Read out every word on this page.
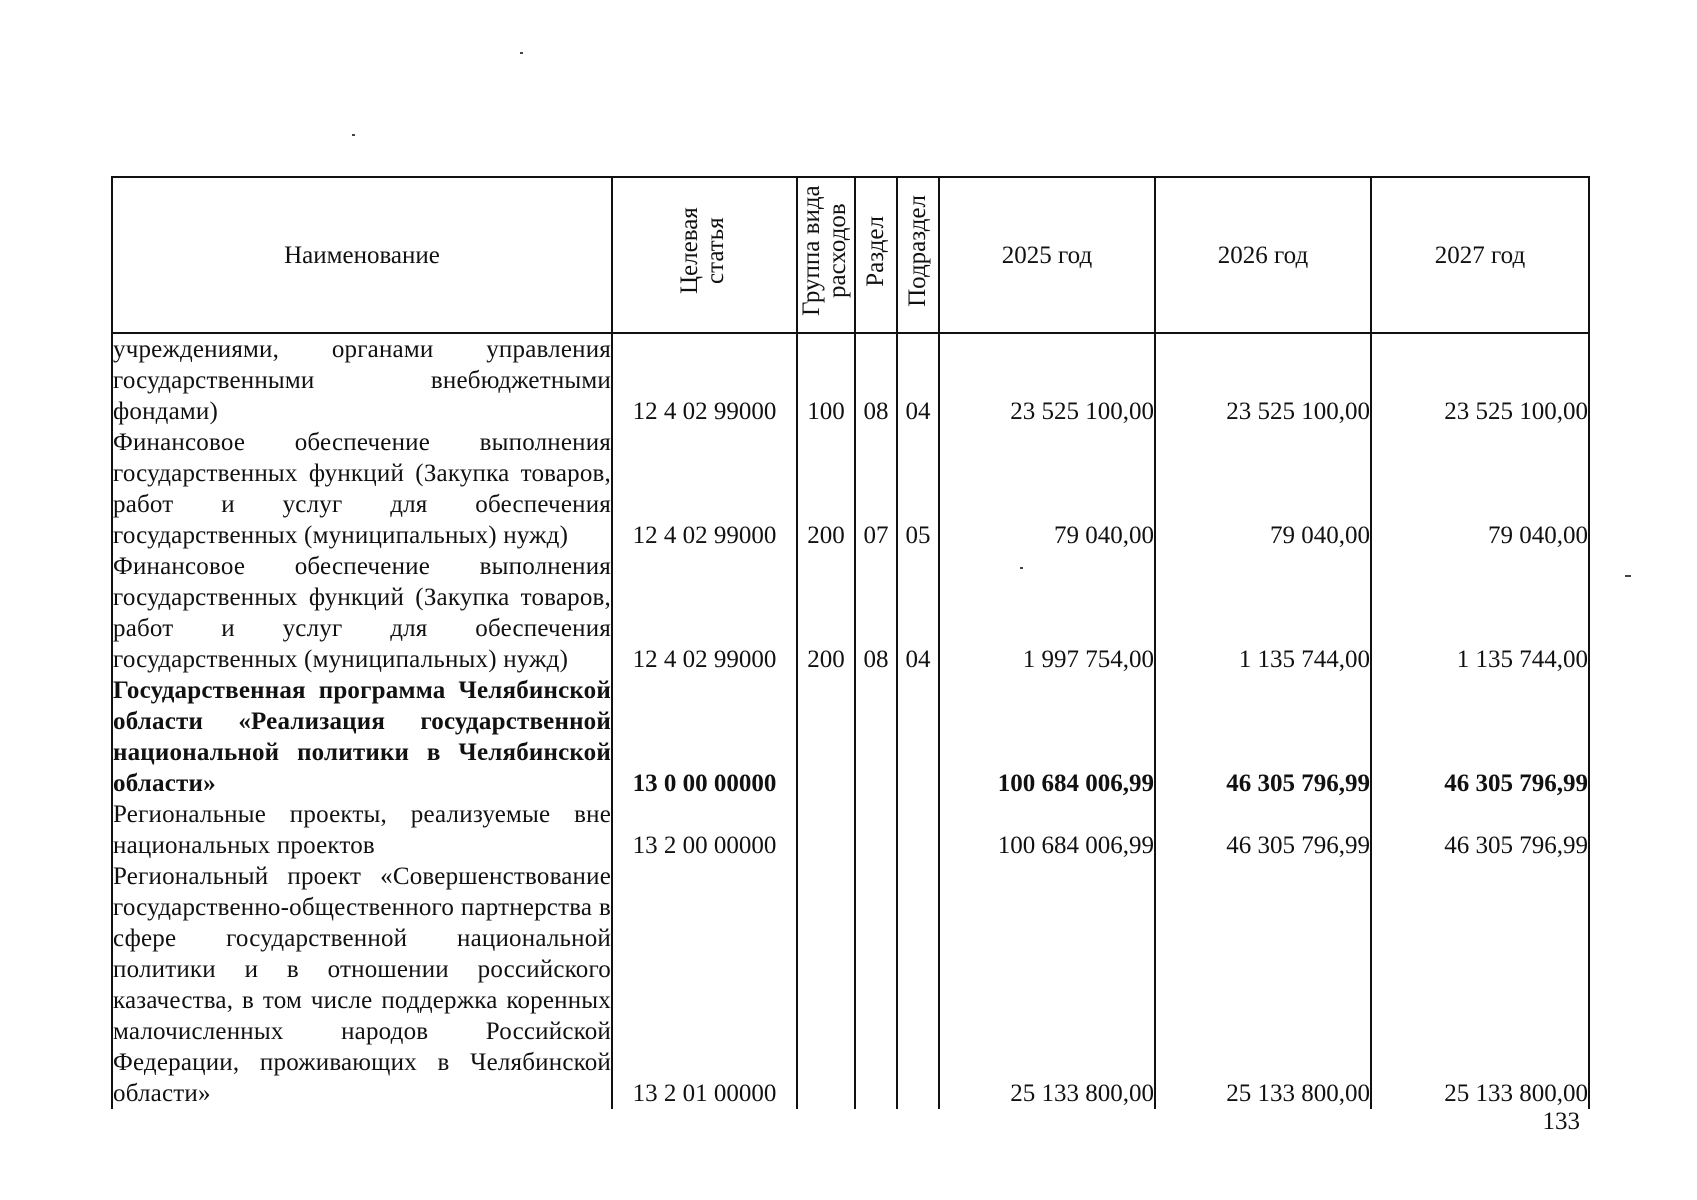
Наименование	Целевая статья	Группа вида расходов	Раздел	Подраздел	2025 год	2026 год	2027 год
учреждениями, органами управления государственными внебюджетными фондами)	12 4 02 99000	100	08	04	23 525 100,00	23 525 100,00	23 525 100,00
Финансовое обеспечение выполнения государственных функций (Закупка товаров, работ и услуг для обеспечения государственных (муниципальных) нужд)	12 4 02 99000	200	07	05	79 040,00	79 040,00	79 040,00
Финансовое обеспечение выполнения государственных функций (Закупка товаров, работ и услуг для обеспечения государственных (муниципальных) нужд)	12 4 02 99000	200	08	04	1 997 754,00	1 135 744,00	1 135 744,00
Государственная программа Челябинской области «Реализация государственной национальной политики в Челябинской области»	13 0 00 00000				100 684 006,99	46 305 796,99	46 305 796,99
Региональные проекты, реализуемые вне национальных проектов	13 2 00 00000				100 684 006,99	46 305 796,99	46 305 796,99
Региональный проект «Совершенствование государственно-общественного партнерства в сфере государственной национальной политики и в отношении российского казачества, в том числе поддержка коренных малочисленных народов Российской Федерации, проживающих в Челябинской области»	13 2 01 00000				25 133 800,00	25 133 800,00	25 133 800,00
133
